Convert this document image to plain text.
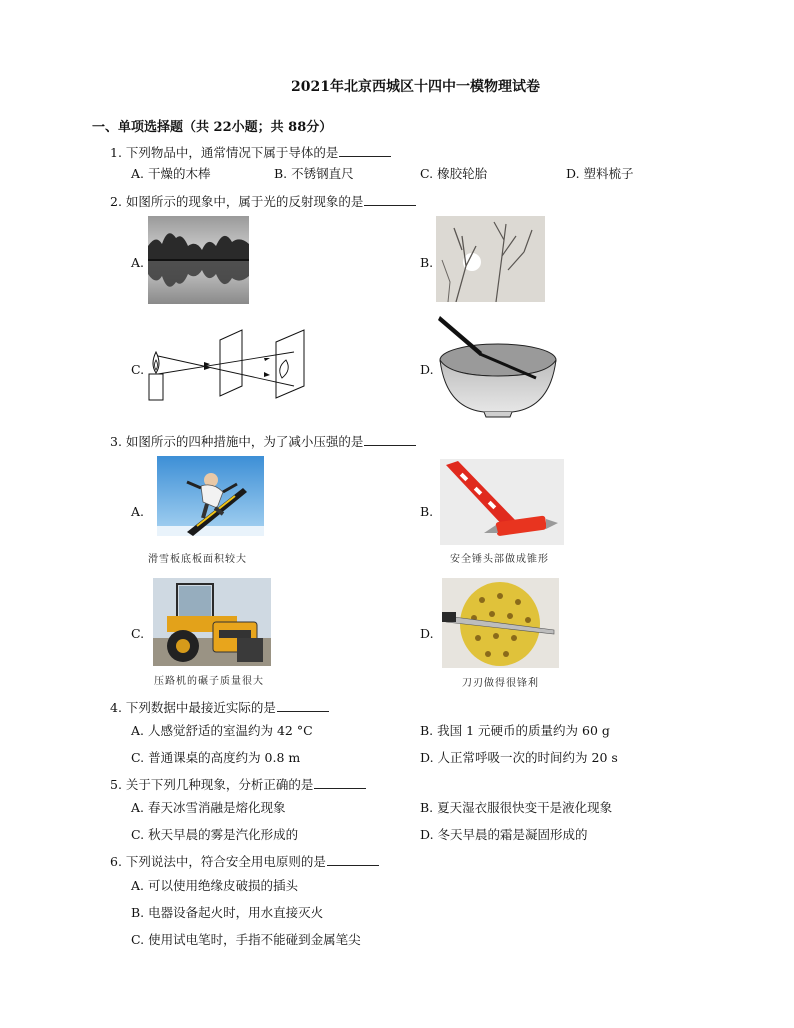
2021年北京西城区十四中一模物理试卷
一、单项选择题（共 22小题；共 88分）
1. 下列物品中，通常情况下属于导体的是
A. 干燥的木棒	B. 不锈钢直尺	C. 橡胶轮胎	D. 塑料梳子
2. 如图所示的现象中，属于光的反射现象的是
A.	B.
C.	D.
3. 如图所示的四种措施中，为了减小压强的是
A.
滑雪板底板面积较大
B.
安全锤头部做成锥形
C.
压路机的碾子质量很大
D.
刀刃做得很锋利
4. 下列数据中最接近实际的是
A. 人感觉舒适的室温约为 42 °C	B. 我国 1 元硬币的质量约为 60 g
C. 普通课桌的高度约为 0.8 m	D. 人正常呼吸一次的时间约为 20 s
5. 关于下列几种现象，分析正确的是
A. 春天冰雪消融是熔化现象	B. 夏天湿衣服很快变干是液化现象
C. 秋天早晨的雾是汽化形成的	D. 冬天早晨的霜是凝固形成的
6. 下列说法中，符合安全用电原则的是
A. 可以使用绝缘皮破损的插头
B. 电器设备起火时，用水直接灭火
C. 使用试电笔时，手指不能碰到金属笔尖
